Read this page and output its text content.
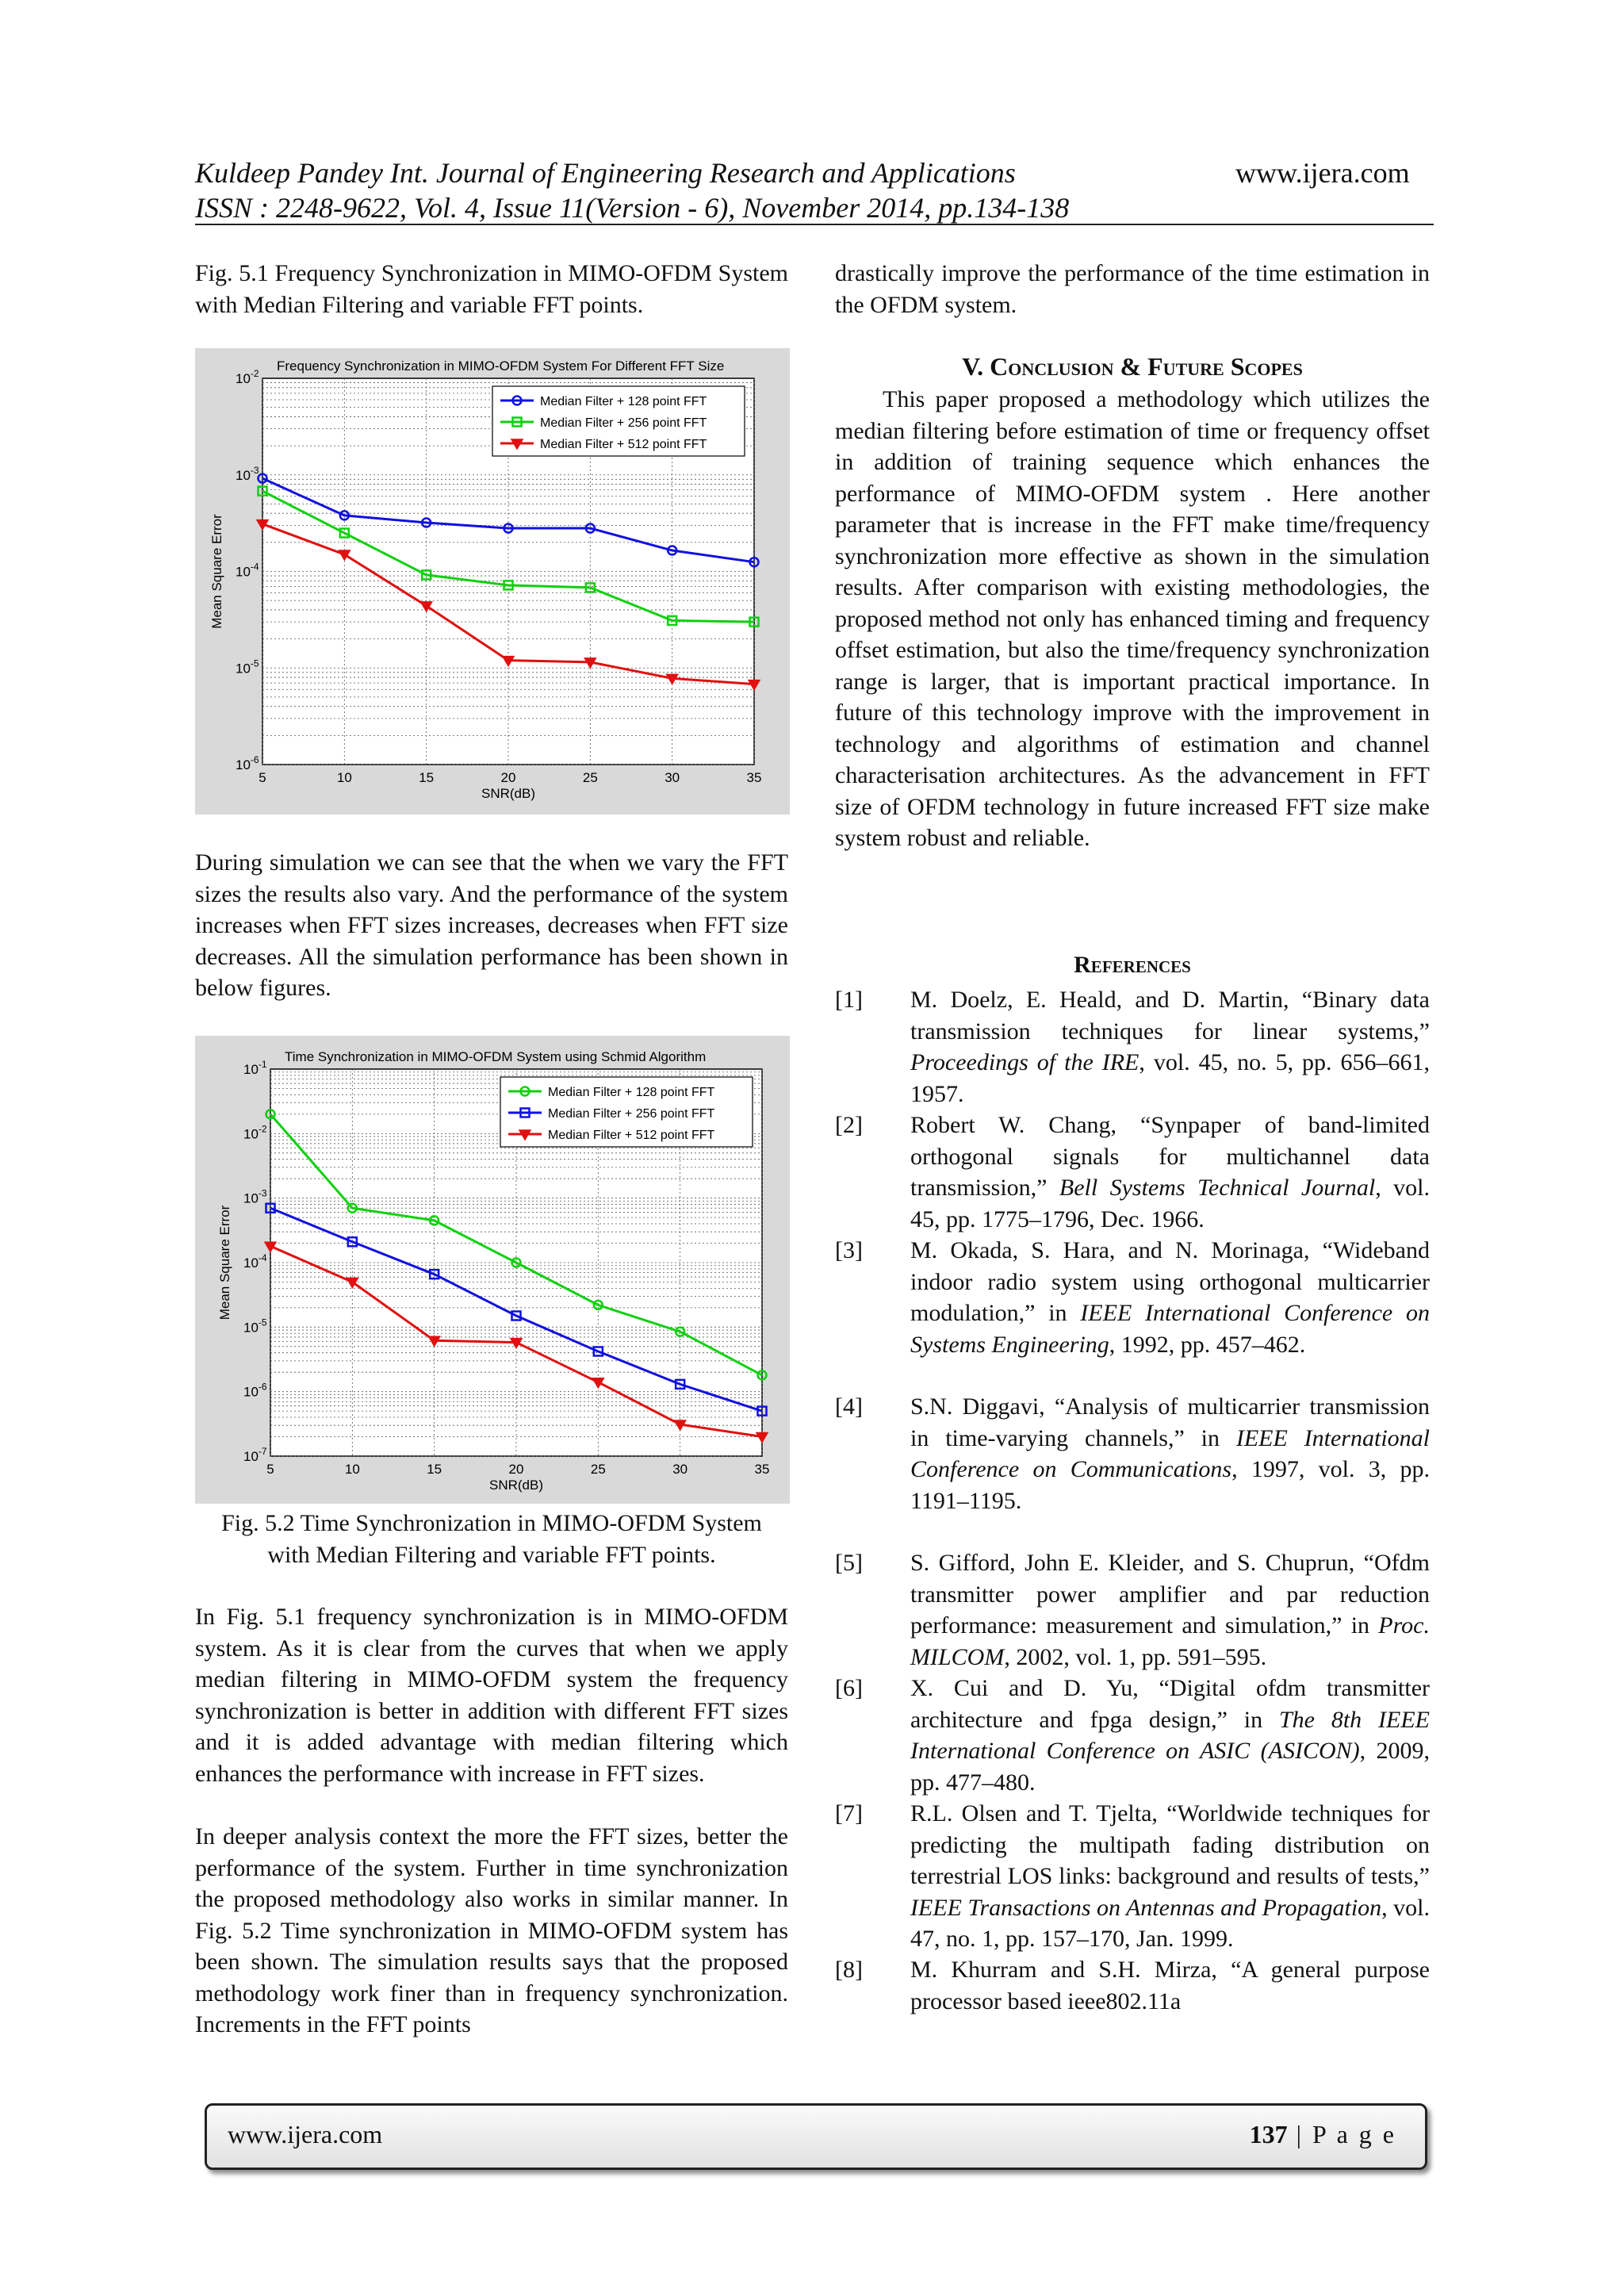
Kuldeep Pandey Int. Journal of Engineering Research and Applications	www.ijera.com
ISSN : 2248-9622, Vol. 4, Issue 11(Version - 6), November 2014, pp.134-138
Fig. 5.1 Frequency Synchronization in MIMO-OFDM System with Median Filtering and variable FFT points.
Frequency Synchronization in MIMO-OFDM System For Different FFT Size
5	10	15	20	25	30	35
SNR(dB)
$10^{-2}$
$10^{-3}$
$10^{-4}$
$10^{-5}$
$10^{-6}$
Mean Square Error
Median Filter + 128 point FFT
Median Filter + 256 point FFT
Median Filter + 512 point FFT
During simulation we can see that the when we vary the FFT sizes the results also vary. And the performance of the system increases when FFT sizes increases, decreases when FFT size decreases. All the simulation performance has been shown in below figures.
Time Synchronization in MIMO-OFDM System using Schmid Algorithm
5	10	15	20	25	30	35
SNR(dB)
$10^{-1}$
$10^{-2}$
$10^{-3}$
$10^{-4}$
$10^{-5}$
$10^{-6}$
$10^{-7}$
Mean Square Error
Median Filter + 128 point FFT
Median Filter + 256 point FFT
Median Filter + 512 point FFT
Fig. 5.2 Time Synchronization in MIMO-OFDM System with Median Filtering and variable FFT points.
In Fig. 5.1 frequency synchronization is in MIMO-OFDM system. As it is clear from the curves that when we apply median filtering in MIMO-OFDM system the frequency synchronization is better in addition with different FFT sizes and it is added advantage with median filtering which enhances the performance with increase in FFT sizes.
In deeper analysis context the more the FFT sizes, better the performance of the system. Further in time synchronization the proposed methodology also works in similar manner. In Fig. 5.2 Time synchronization in MIMO-OFDM system has been shown. The simulation results says that the proposed methodology work finer than in frequency synchronization. Increments in the FFT points
drastically improve the performance of the time estimation in the OFDM system.
V. Conclusion & Future Scopes
This paper proposed a methodology which utilizes the median filtering before estimation of time or frequency offset in addition of training sequence which enhances the performance of MIMO-OFDM system . Here another parameter that is increase in the FFT make time/frequency synchronization more effective as shown in the simulation results. After comparison with existing methodologies, the proposed method not only has enhanced timing and frequency offset estimation, but also the time/frequency synchronization range is larger, that is important practical importance. In future of this technology improve with the improvement in technology and algorithms of estimation and channel characterisation architectures. As the advancement in FFT size of OFDM technology in future increased FFT size make system robust and reliable.
References
[1]	M. Doelz, E. Heald, and D. Martin, “Binary data transmission techniques for linear systems,” Proceedings of the IRE, vol. 45, no. 5, pp. 656–661, 1957.
[2]	Robert W. Chang, “Synpaper of band-limited orthogonal signals for multichannel data transmission,” Bell Systems Technical Journal, vol. 45, pp. 1775–1796, Dec. 1966.
[3]	M. Okada, S. Hara, and N. Morinaga, “Wideband indoor radio system using orthogonal multicarrier modulation,” in IEEE International Conference on Systems Engineering, 1992, pp. 457–462.
[4]	S.N. Diggavi, “Analysis of multicarrier transmission in time-varying channels,” in IEEE International Conference on Communications, 1997, vol. 3, pp. 1191–1195.
[5]	S. Gifford, John E. Kleider, and S. Chuprun, “Ofdm transmitter power amplifier and par reduction performance: measurement and simulation,” in Proc. MILCOM, 2002, vol. 1, pp. 591–595.
[6]	X. Cui and D. Yu, “Digital ofdm transmitter architecture and fpga design,” in The 8th IEEE International Conference on ASIC (ASICON), 2009, pp. 477–480.
[7]	R.L. Olsen and T. Tjelta, “Worldwide techniques for predicting the multipath fading distribution on terrestrial LOS links: background and results of tests,” IEEE Transactions on Antennas and Propagation, vol. 47, no. 1, pp. 157–170, Jan. 1999.
[8]	M. Khurram and S.H. Mirza, “A general purpose processor based ieee802.11a
www.ijera.com	137 | P a g e
